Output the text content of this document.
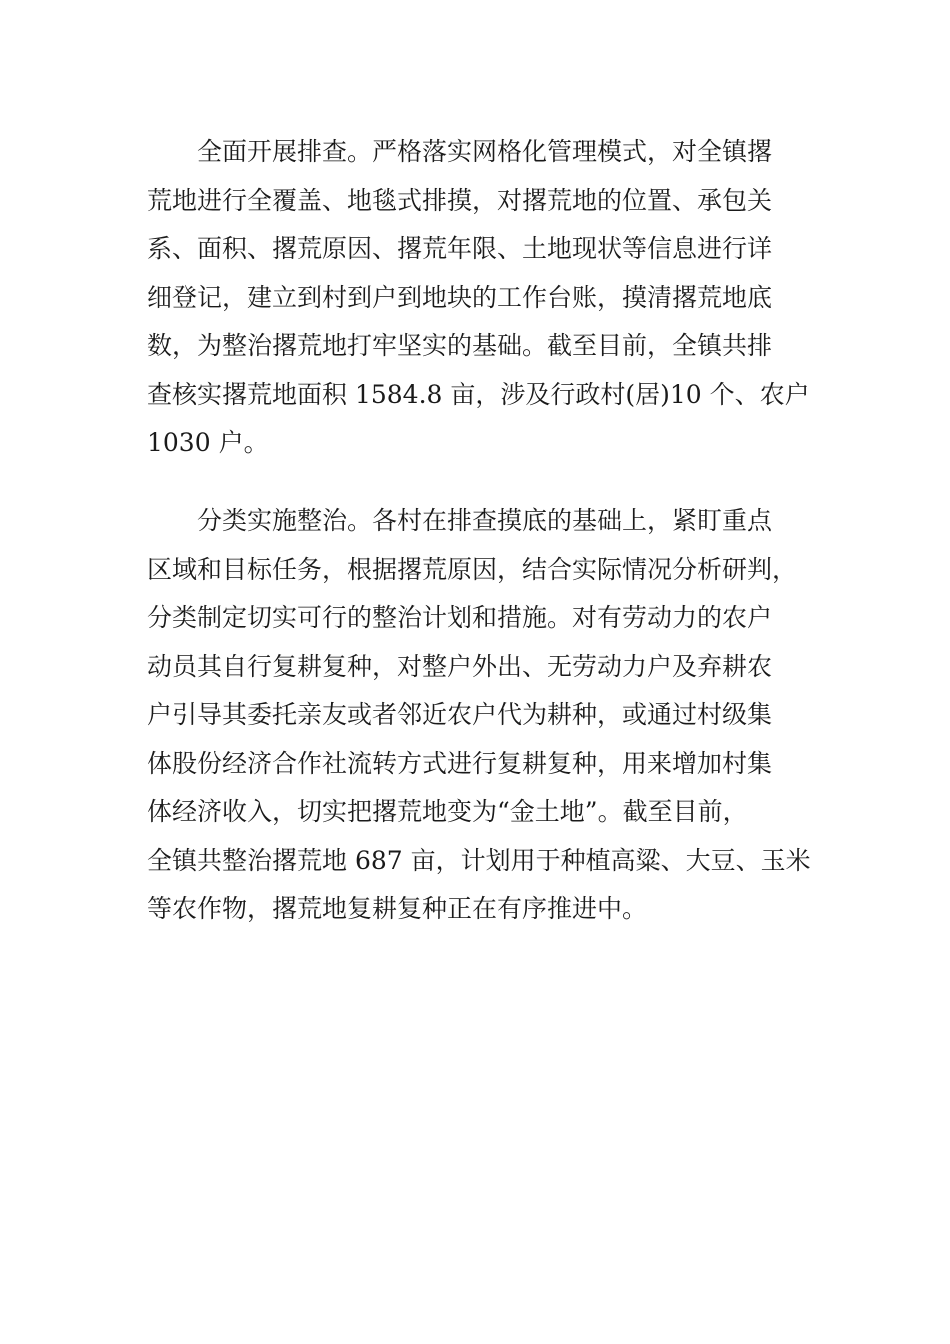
全面开展排查。严格落实网格化管理模式，对全镇撂
荒地进行全覆盖、地毯式排摸，对撂荒地的位置、承包关
系、面积、撂荒原因、撂荒年限、土地现状等信息进行详
细登记，建立到村到户到地块的工作台账，摸清撂荒地底
数，为整治撂荒地打牢坚实的基础。截至目前，全镇共排
查核实撂荒地面积 1584.8 亩，涉及行政村(居)10 个、农户
1030 户。

分类实施整治。各村在排查摸底的基础上，紧盯重点
区域和目标任务，根据撂荒原因，结合实际情况分析研判，
分类制定切实可行的整治计划和措施。对有劳动力的农户
动员其自行复耕复种，对整户外出、无劳动力户及弃耕农
户引导其委托亲友或者邻近农户代为耕种，或通过村级集
体股份经济合作社流转方式进行复耕复种，用来增加村集
体经济收入，切实把撂荒地变为“金土地”。截至目前，
全镇共整治撂荒地 687 亩，计划用于种植高粱、大豆、玉米
等农作物，撂荒地复耕复种正在有序推进中。
